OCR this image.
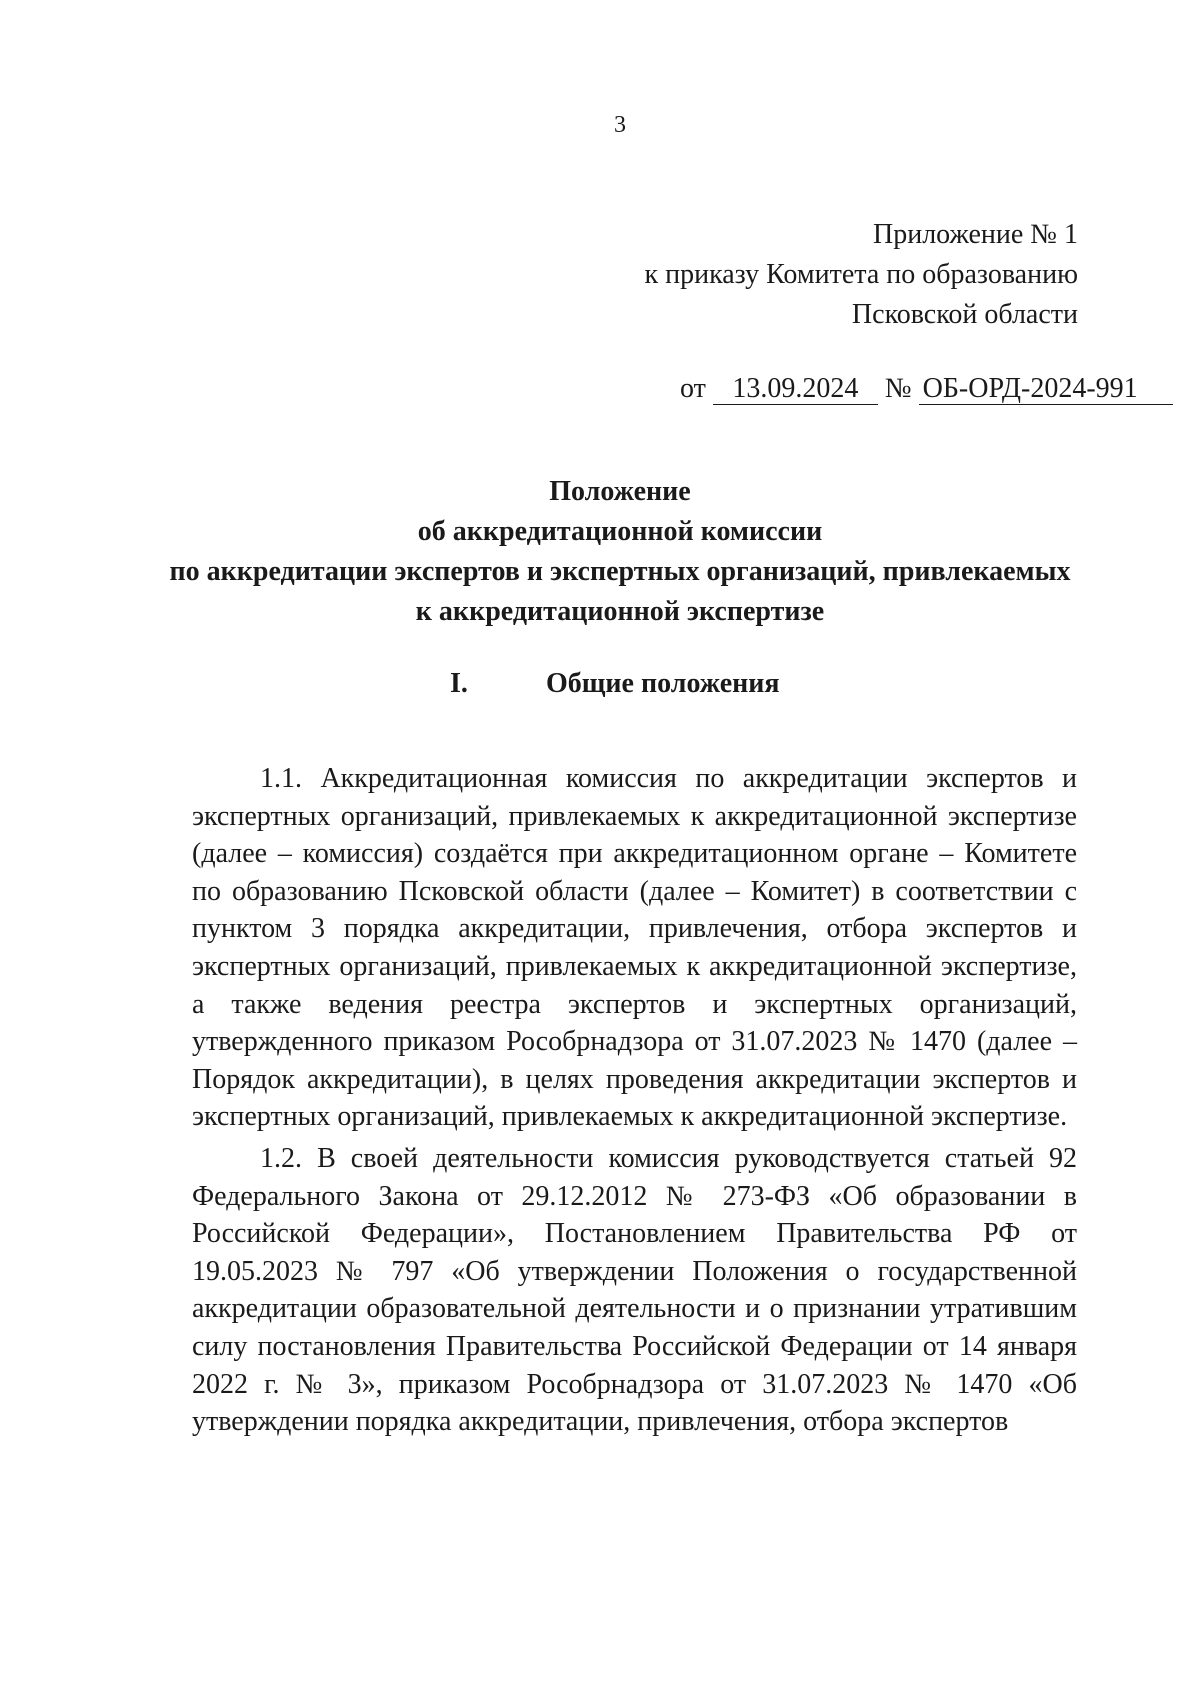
3
Приложение № 1
к приказу Комитета по образованию
Псковской области
от 13.09.2024 № ОБ-ОРД-2024-991
Положение
об аккредитационной комиссии
по аккредитации экспертов и экспертных организаций, привлекаемых
к аккредитационной экспертизе
I.	Общие положения

1.1. Аккредитационная комиссия по аккредитации экспертов и экспертных организаций, привлекаемых к аккредитационной экспертизе (далее – комиссия) создаётся при аккредитационном органе – Комитете по образованию Псковской области (далее – Комитет) в соответствии с пунктом 3 порядка аккредитации, привлечения, отбора экспертов и экспертных организаций, привлекаемых к аккредитационной экспертизе, а также ведения реестра экспертов и экспертных организаций, утвержденного приказом Рособрнадзора от 31.07.2023 № 1470 (далее – Порядок аккредитации), в целях проведения аккредитации экспертов и экспертных организаций, привлекаемых к аккредитационной экспертизе.

1.2. В своей деятельности комиссия руководствуется статьей 92 Федерального Закона от 29.12.2012 № 273-ФЗ «Об образовании в Российской Федерации», Постановлением Правительства РФ от 19.05.2023 № 797 «Об утверждении Положения о государственной аккредитации образовательной деятельности и о признании утратившим силу постановления Правительства Российской Федерации от 14 января 2022 г. № 3», приказом Рособрнадзора от 31.07.2023 № 1470 «Об утверждении порядка аккредитации, привлечения, отбора экспертов
